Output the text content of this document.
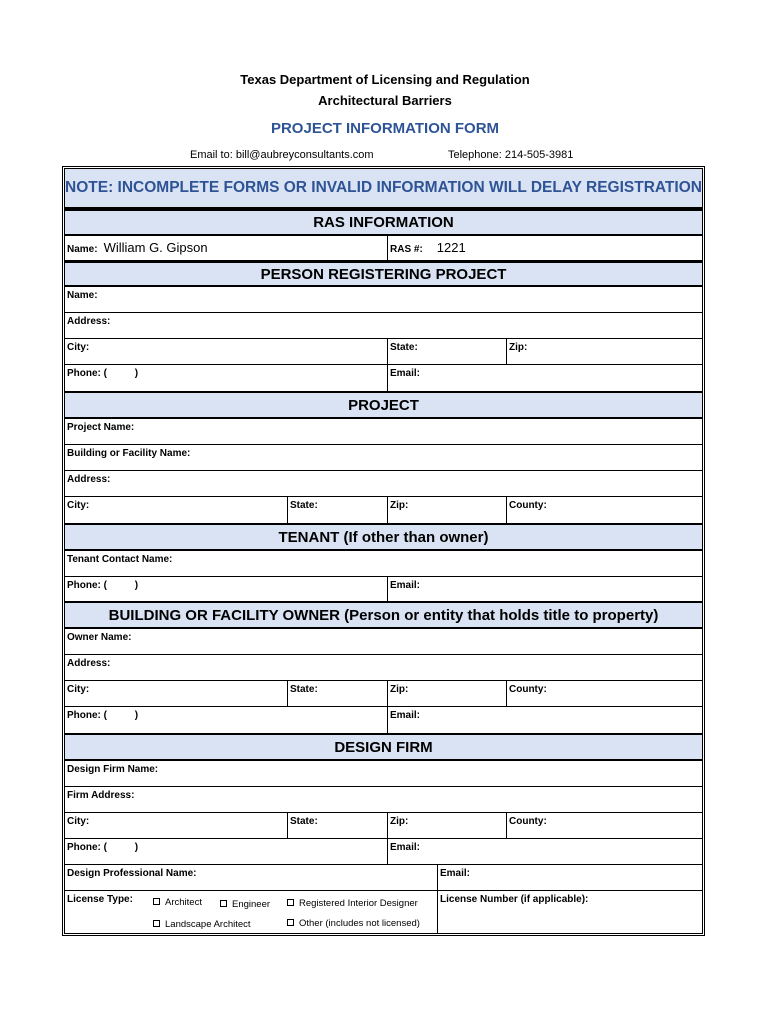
Texas Department of Licensing and Regulation
Architectural Barriers
PROJECT INFORMATION FORM
Email to: bill@aubreyconsultants.com	Telephone: 214-505-3981
NOTE: INCOMPLETE FORMS OR INVALID INFORMATION WILL DELAY REGISTRATION
RAS INFORMATION
Name: William G. Gipson	RAS #: 1221
PERSON REGISTERING PROJECT
Name:
Address:
City:	State:	Zip:
Phone: (          )	Email:
PROJECT
Project Name:
Building or Facility Name:
Address:
City:	State:	Zip:	County:
TENANT (If other than owner)
Tenant Contact Name:
Phone: (          )	Email:
BUILDING OR FACILITY OWNER (Person or entity that holds title to property)
Owner Name:
Address:
City:	State:	Zip:	County:
Phone: (          )	Email:
DESIGN FIRM
Design Firm Name:
Firm Address:
City:	State:	Zip:	County:
Phone: (          )	Email:
Design Professional Name:	Email:
License Type:	Architect	Engineer	Registered Interior Designer
Landscape Architect	Other (includes not licensed)
License Number (if applicable):
